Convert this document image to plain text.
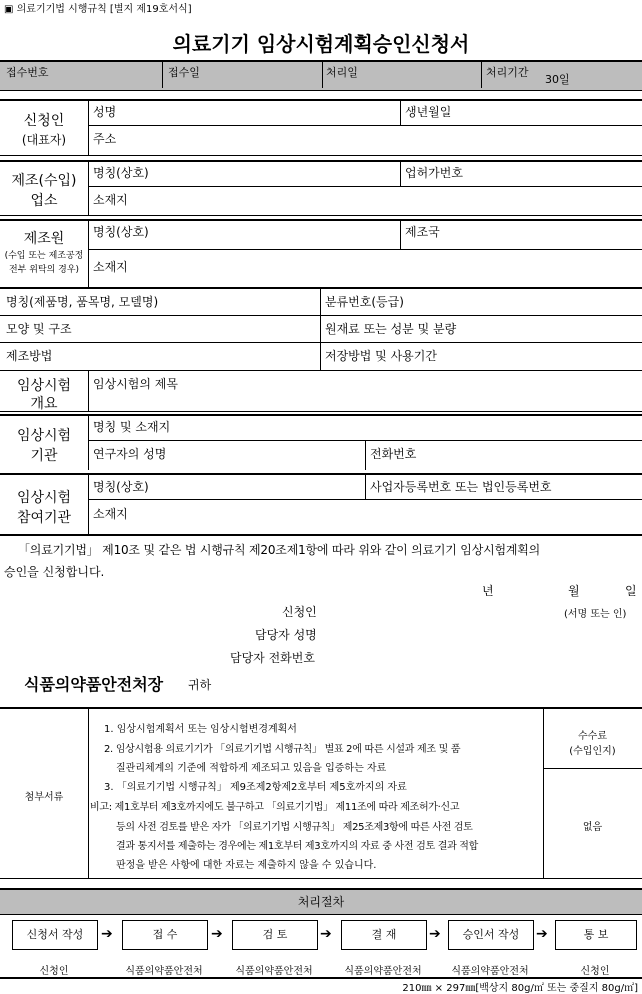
▣ 의료기기법 시행규칙 [별지 제19호서식]
의료기기 임상시험계획승인신청서
접수번호	접수일	처리일	처리기간
30일
신청인
(대표자)
성명	생년월일
주소
제조(수입)
업소
명칭(상호)	업허가번호
소재지
제조원
(수입 또는 제조공정
전부 위탁의 경우)
명칭(상호)	제조국
소재지
명칭(제품명, 품목명, 모델명)	분류번호(등급)
모양 및 구조	원재료 또는 성분 및 분량
제조방법	저장방법 및 사용기간
임상시험
개요
임상시험의 제목
임상시험
기관
명칭 및 소재지
연구자의 성명	전화번호
임상시험
참여기관
명칭(상호)	사업자등록번호 또는 법인등록번호
소재지
「의료기기법」 제10조 및 같은 법 시행규칙 제20조제1항에 따라 위와 같이 의료기기 임상시험계획의
승인을 신청합니다.
년	월	일
신청인	(서명 또는 인)
담당자 성명
담당자 전화번호
식품의약품안전처장 귀하
첨부서류
수수료
(수입인지)
없음
1. 임상시험계획서 또는 임상시험변경계획서
2. 임상시험용 의료기기가 「의료기기법 시행규칙」 별표 2에 따른 시설과 제조 및 품
질관리체계의 기준에 적합하게 제조되고 있음을 입증하는 자료
3. 「의료기기법 시행규칙」 제9조제2항제2호부터 제5호까지의 자료
비고: 제1호부터 제3호까지에도 불구하고 「의료기기법」 제11조에 따라 제조허가·신고
등의 사전 검토를 받은 자가 「의료기기법 시행규칙」 제25조제3항에 따른 사전 검토
결과 통지서를 제출하는 경우에는 제1호부터 제3호까지의 자료 중 사전 검토 결과 적합
판정을 받은 사항에 대한 자료는 제출하지 않을 수 있습니다.
처리절차
신청서 작성	➔	접 수	➔	검 토	➔	결 재	➔	승인서 작성	➔	통 보
신청인	식품의약품안전처	식품의약품안전처	식품의약품안전처	식품의약품안전처	신청인
210㎜ × 297㎜[백상지 80g/㎡ 또는 중질지 80g/㎡]
